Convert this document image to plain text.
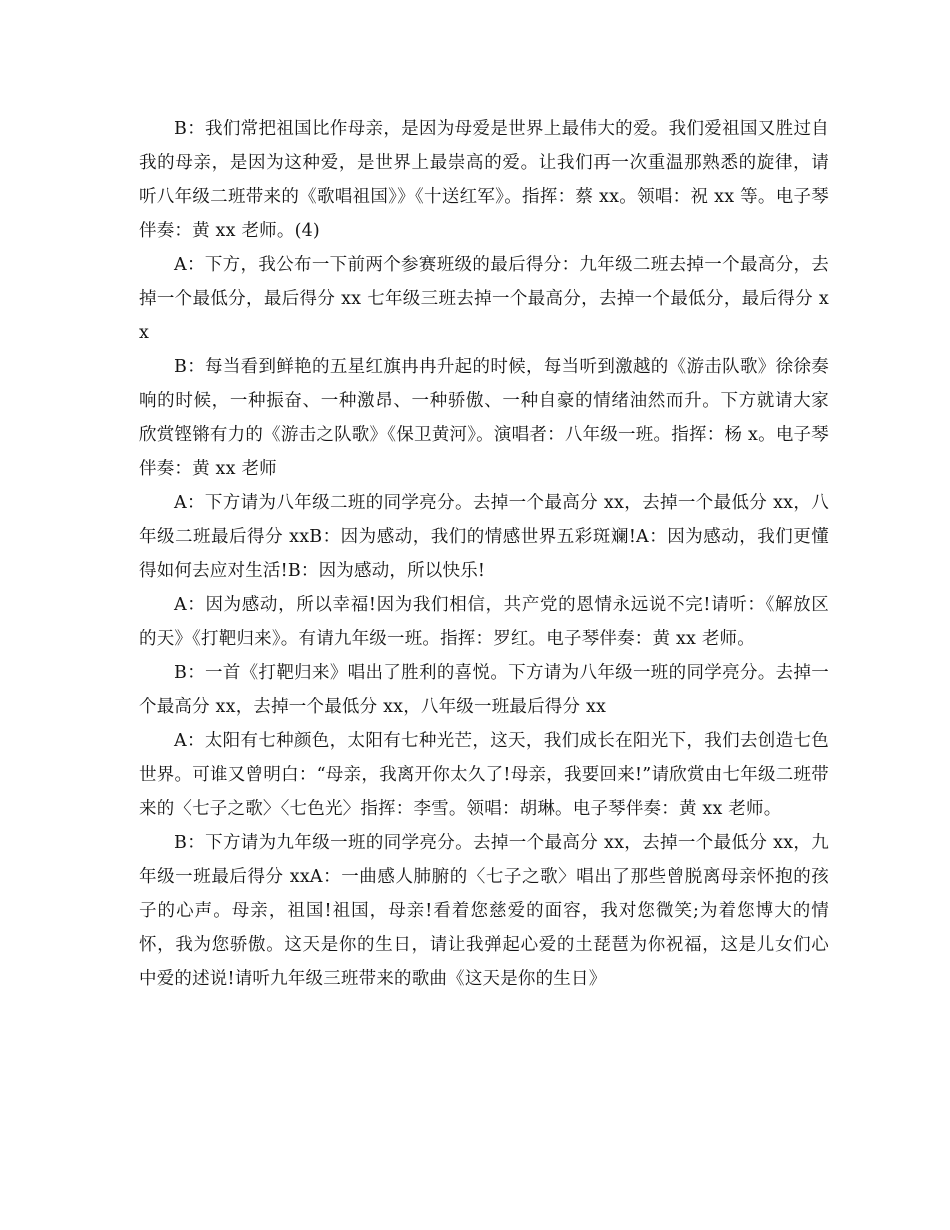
B：我们常把祖国比作母亲，是因为母爱是世界上最伟大的爱。我们爱祖国又胜过自我的母亲，是因为这种爱，是世界上最崇高的爱。让我们再一次重温那熟悉的旋律，请听八年级二班带来的《歌唱祖国》》《十送红军》。指挥：蔡 xx。领唱：祝 xx 等。电子琴伴奏：黄 xx 老师。(4)

A：下方，我公布一下前两个参赛班级的最后得分：九年级二班去掉一个最高分，去掉一个最低分，最后得分 xx 七年级三班去掉一个最高分，去掉一个最低分，最后得分 xx

B：每当看到鲜艳的五星红旗冉冉升起的时候，每当听到激越的《游击队歌》徐徐奏响的时候，一种振奋、一种激昂、一种骄傲、一种自豪的情绪油然而升。下方就请大家欣赏铿锵有力的《游击之队歌》《保卫黄河》。演唱者：八年级一班。指挥：杨 x。电子琴伴奏：黄 xx 老师

A：下方请为八年级二班的同学亮分。去掉一个最高分 xx，去掉一个最低分 xx，八年级二班最后得分 xxB：因为感动，我们的情感世界五彩斑斓!A：因为感动，我们更懂得如何去应对生活!B：因为感动，所以快乐!

A：因为感动，所以幸福!因为我们相信，共产党的恩情永远说不完!请听：《解放区的天》《打靶归来》。有请九年级一班。指挥：罗红。电子琴伴奏：黄 xx 老师。

B：一首《打靶归来》唱出了胜利的喜悦。下方请为八年级一班的同学亮分。去掉一个最高分 xx，去掉一个最低分 xx，八年级一班最后得分 xx

A：太阳有七种颜色，太阳有七种光芒，这天，我们成长在阳光下，我们去创造七色世界。可谁又曾明白：“母亲，我离开你太久了!母亲，我要回来!”请欣赏由七年级二班带来的〈七子之歌〉〈七色光〉指挥：李雪。领唱：胡琳。电子琴伴奏：黄 xx 老师。

B：下方请为九年级一班的同学亮分。去掉一个最高分 xx，去掉一个最低分 xx，九年级一班最后得分 xxA：一曲感人肺腑的〈七子之歌〉唱出了那些曾脱离母亲怀抱的孩子的心声。母亲，祖国!祖国，母亲!看着您慈爱的面容，我对您微笑;为着您博大的情怀，我为您骄傲。这天是你的生日，请让我弹起心爱的土琵琶为你祝福，这是儿女们心中爱的述说!请听九年级三班带来的歌曲《这天是你的生日》
